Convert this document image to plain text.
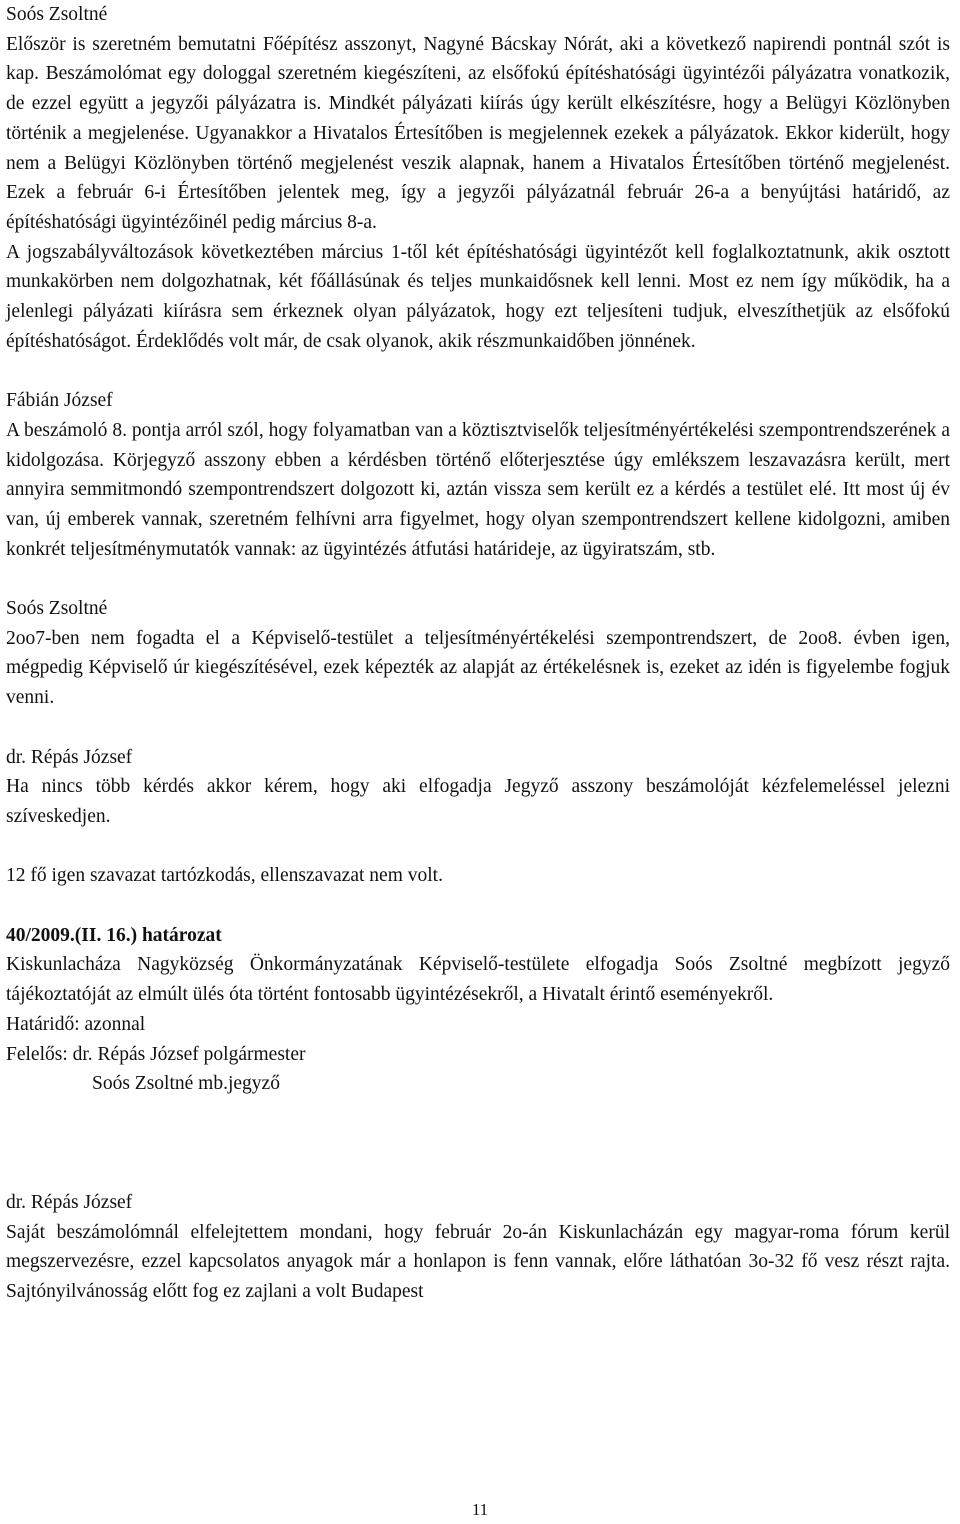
Soós Zsoltné

Először is szeretném bemutatni Főépítész asszonyt, Nagyné Bácskay Nórát, aki a következő napirendi pontnál szót is kap. Beszámolómat egy dologgal szeretném kiegészíteni, az elsőfokú építéshatósági ügyintézői pályázatra vonatkozik, de ezzel együtt a jegyzői pályázatra is. Mindkét pályázati kiírás úgy került elkészítésre, hogy a Belügyi Közlönyben történik a megjelenése. Ugyanakkor a Hivatalos Értesítőben is megjelennek ezekek a pályázatok. Ekkor kiderült, hogy nem a Belügyi Közlönyben történő megjelenést veszik alapnak, hanem a Hivatalos Értesítőben történő megjelenést. Ezek a február 6-i Értesítőben jelentek meg, így a jegyzői pályázatnál február 26-a a benyújtási határidő, az építéshatósági ügyintézőinél pedig március 8-a.

A jogszabályváltozások következtében március 1-től két építéshatósági ügyintézőt kell foglalkoztatnunk, akik osztott munkakörben nem dolgozhatnak, két főállásúnak és teljes munkaidősnek kell lenni. Most ez nem így működik, ha a jelenlegi pályázati kiírásra sem érkeznek olyan pályázatok, hogy ezt teljesíteni tudjuk, elveszíthetjük az elsőfokú építéshatóságot. Érdeklődés volt már, de csak olyanok, akik részmunkaidőben jönnének.

Fábián József

A beszámoló 8. pontja arról szól, hogy folyamatban van a köztisztviselők teljesítményértékelési szempontrendszerének a kidolgozása. Körjegyző asszony ebben a kérdésben történő előterjesztése úgy emlékszem leszavazásra került, mert annyira semmitmondó szempontrendszert dolgozott ki, aztán vissza sem került ez a kérdés a testület elé. Itt most új év van, új emberek vannak, szeretném felhívni arra figyelmet, hogy olyan szempontrendszert kellene kidolgozni, amiben konkrét teljesítménymutatók vannak: az ügyintézés átfutási határideje, az ügyiratszám, stb.

Soós Zsoltné

2oo7-ben nem fogadta el a Képviselő-testület a teljesítményértékelési szempontrendszert, de 2oo8. évben igen, mégpedig Képviselő úr kiegészítésével, ezek képezték az alapját az értékelésnek is, ezeket az idén is figyelembe fogjuk venni.

dr. Répás József

Ha nincs több kérdés akkor kérem, hogy aki elfogadja Jegyző asszony beszámolóját kézfelemeléssel jelezni szíveskedjen.

12 fő igen szavazat tartózkodás, ellenszavazat nem volt.

40/2009.(II. 16.) határozat

Kiskunlacháza Nagyközség Önkormányzatának Képviselő-testülete elfogadja Soós Zsoltné megbízott jegyző tájékoztatóját az elmúlt ülés óta történt fontosabb ügyintézésekről, a Hivatalt érintő eseményekről.

Határidő: azonnal

Felelős: dr. Répás József polgármester

Soós Zsoltné mb.jegyző

dr. Répás József

Saját beszámolómnál elfelejtettem mondani, hogy február 2o-án Kiskunlacházán egy magyar-roma fórum kerül megszervezésre, ezzel kapcsolatos anyagok már a honlapon is fenn vannak, előre láthatóan 3o-32 fő vesz részt rajta. Sajtónyilvánosság előtt fog ez zajlani a volt Budapest

11
